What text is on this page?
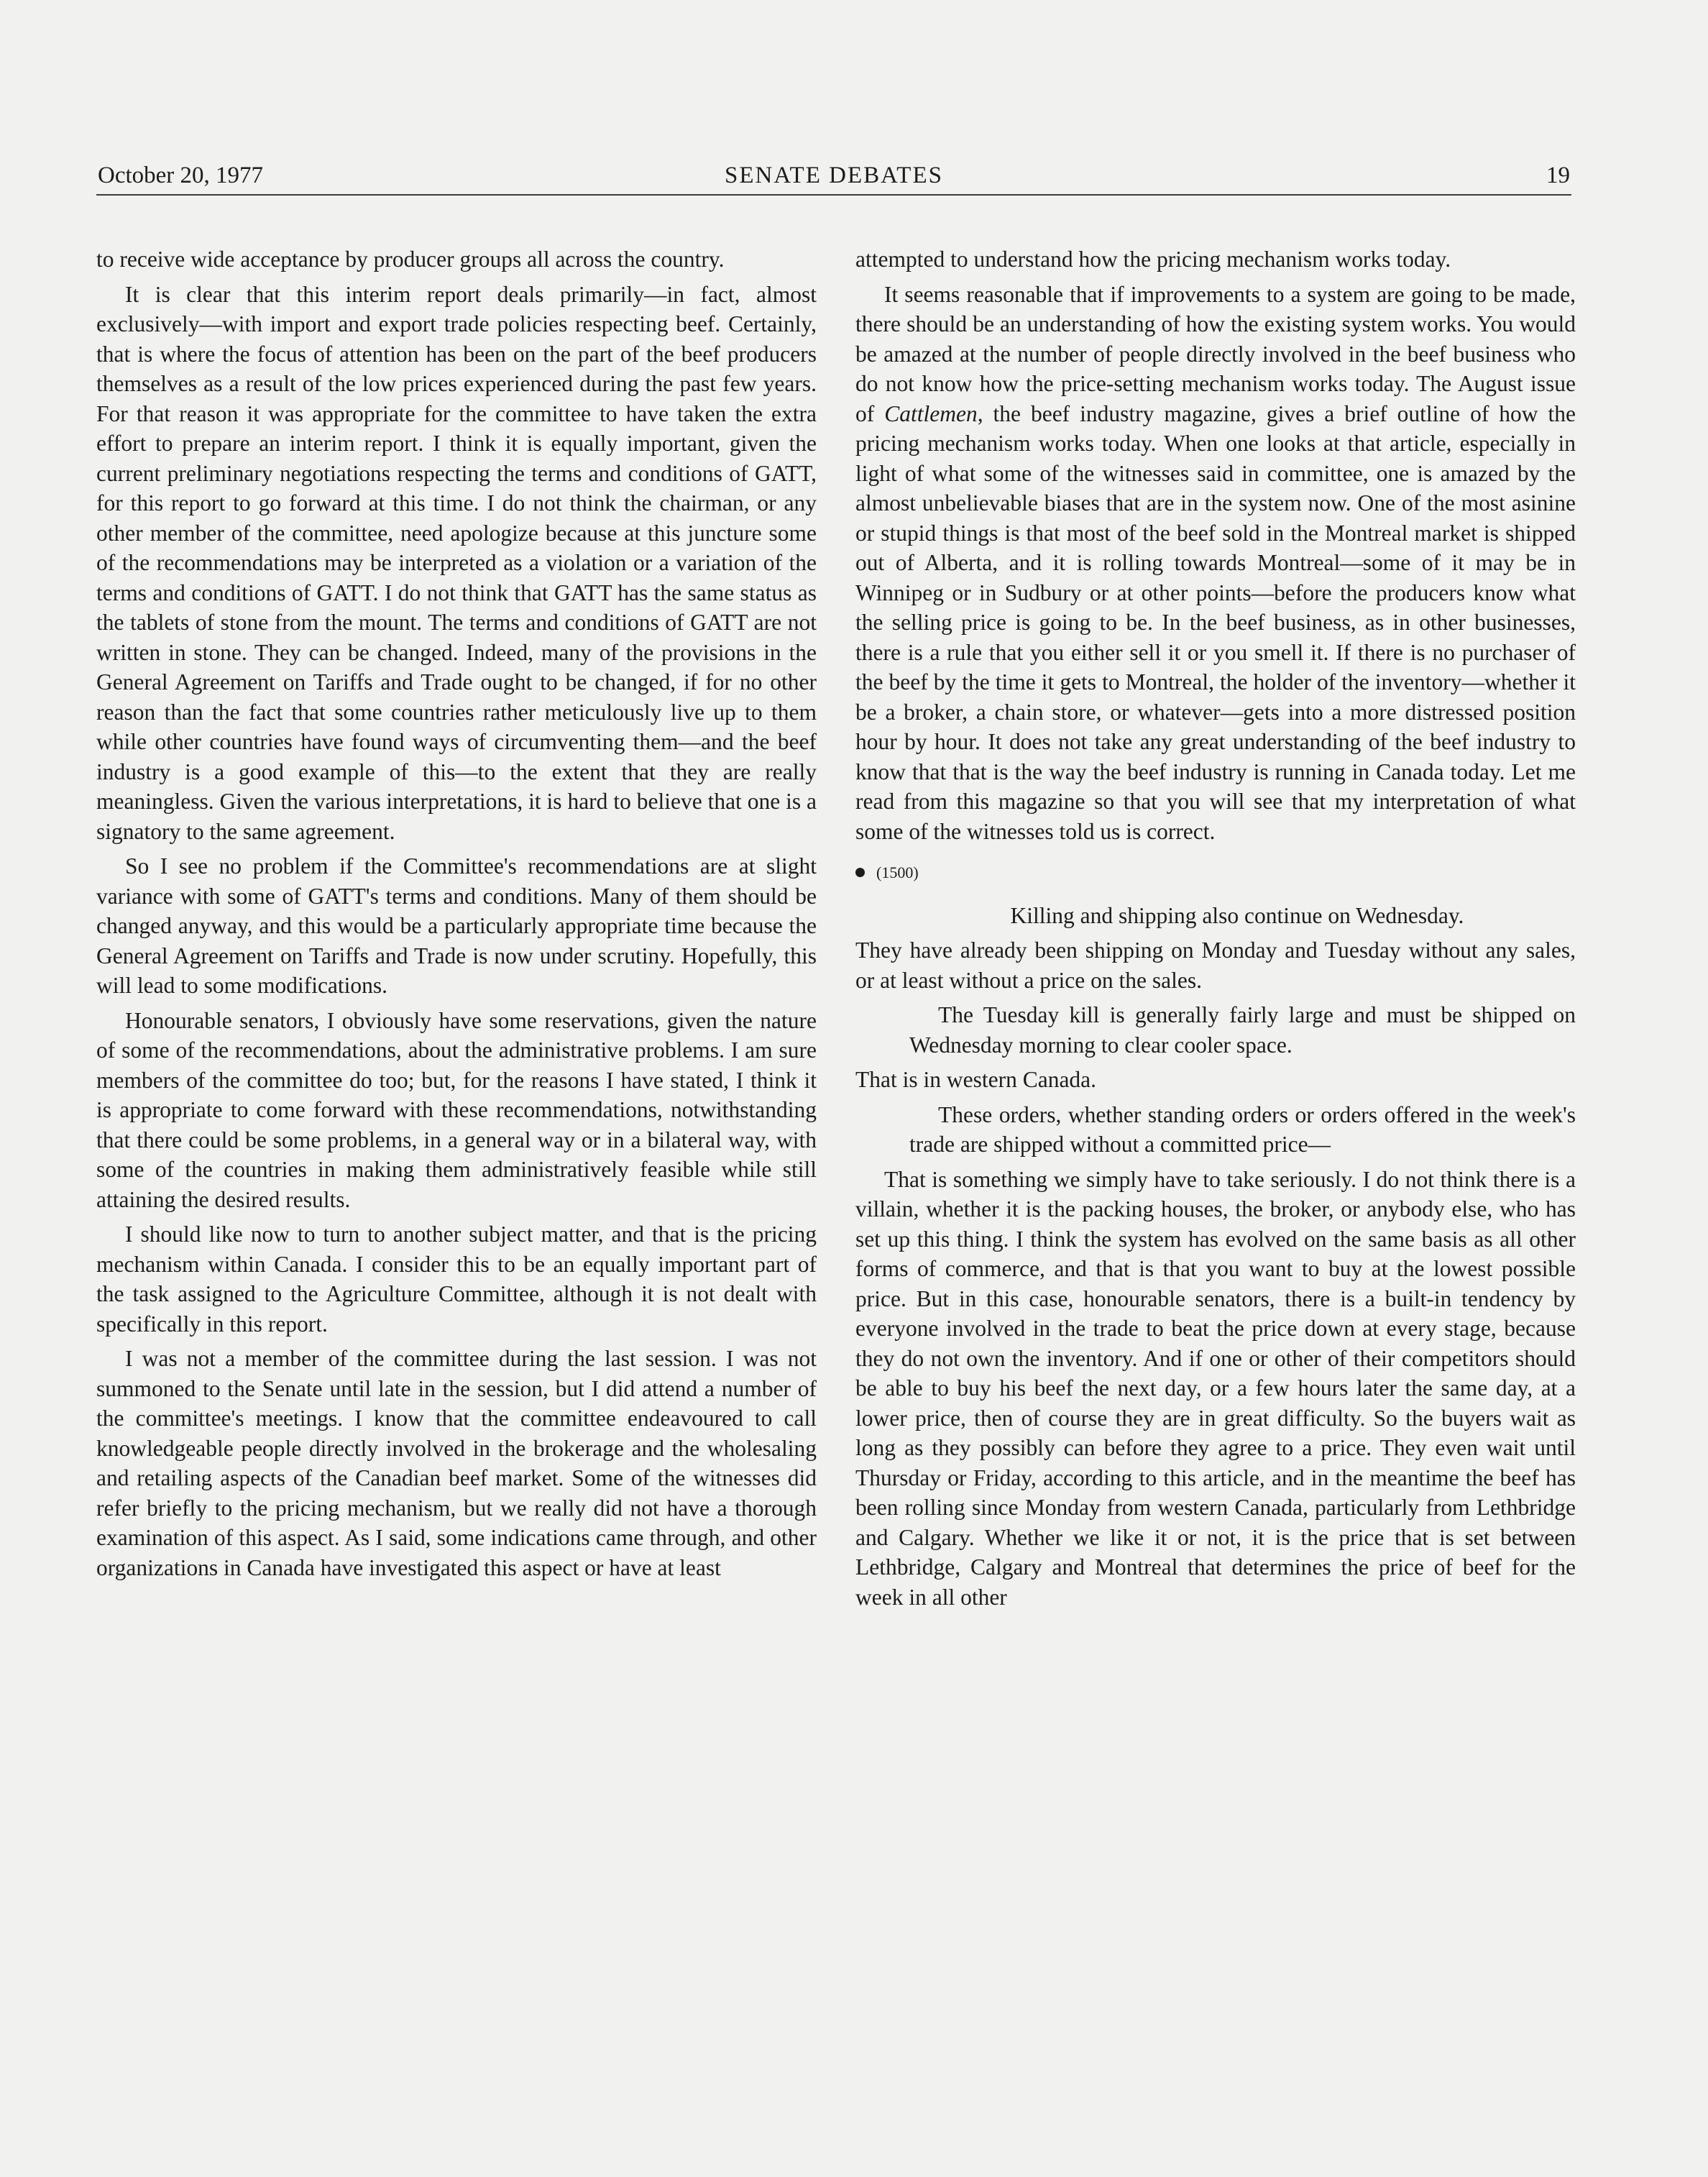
October 20, 1977	SENATE DEBATES	19

to receive wide acceptance by producer groups all across the country.

It is clear that this interim report deals primarily—in fact, almost exclusively—with import and export trade policies respecting beef. Certainly, that is where the focus of attention has been on the part of the beef producers themselves as a result of the low prices experienced during the past few years. For that reason it was appropriate for the committee to have taken the extra effort to prepare an interim report. I think it is equally important, given the current preliminary negotiations respecting the terms and conditions of GATT, for this report to go forward at this time. I do not think the chairman, or any other member of the committee, need apologize because at this juncture some of the recommendations may be interpreted as a violation or a variation of the terms and conditions of GATT. I do not think that GATT has the same status as the tablets of stone from the mount. The terms and conditions of GATT are not written in stone. They can be changed. Indeed, many of the provisions in the General Agreement on Tariffs and Trade ought to be changed, if for no other reason than the fact that some countries rather meticulously live up to them while other countries have found ways of circumventing them—and the beef industry is a good example of this—to the extent that they are really meaningless. Given the various interpretations, it is hard to believe that one is a signatory to the same agreement.

So I see no problem if the Committee's recommendations are at slight variance with some of GATT's terms and conditions. Many of them should be changed anyway, and this would be a particularly appropriate time because the General Agreement on Tariffs and Trade is now under scrutiny. Hopefully, this will lead to some modifications.

Honourable senators, I obviously have some reservations, given the nature of some of the recommendations, about the administrative problems. I am sure members of the committee do too; but, for the reasons I have stated, I think it is appropriate to come forward with these recommendations, notwithstanding that there could be some problems, in a general way or in a bilateral way, with some of the countries in making them administratively feasible while still attaining the desired results.

I should like now to turn to another subject matter, and that is the pricing mechanism within Canada. I consider this to be an equally important part of the task assigned to the Agriculture Committee, although it is not dealt with specifically in this report.

I was not a member of the committee during the last session. I was not summoned to the Senate until late in the session, but I did attend a number of the committee's meetings. I know that the committee endeavoured to call knowledgeable people directly involved in the brokerage and the wholesaling and retailing aspects of the Canadian beef market. Some of the witnesses did refer briefly to the pricing mechanism, but we really did not have a thorough examination of this aspect. As I said, some indications came through, and other organizations in Canada have investigated this aspect or have at least

attempted to understand how the pricing mechanism works today.

It seems reasonable that if improvements to a system are going to be made, there should be an understanding of how the existing system works. You would be amazed at the number of people directly involved in the beef business who do not know how the price-setting mechanism works today. The August issue of Cattlemen, the beef industry magazine, gives a brief outline of how the pricing mechanism works today. When one looks at that article, especially in light of what some of the witnesses said in committee, one is amazed by the almost unbelievable biases that are in the system now. One of the most asinine or stupid things is that most of the beef sold in the Montreal market is shipped out of Alberta, and it is rolling towards Montreal—some of it may be in Winnipeg or in Sudbury or at other points—before the producers know what the selling price is going to be. In the beef business, as in other businesses, there is a rule that you either sell it or you smell it. If there is no purchaser of the beef by the time it gets to Montreal, the holder of the inventory—whether it be a broker, a chain store, or whatever—gets into a more distressed position hour by hour. It does not take any great understanding of the beef industry to know that that is the way the beef industry is running in Canada today. Let me read from this magazine so that you will see that my interpretation of what some of the witnesses told us is correct.

(1500)

Killing and shipping also continue on Wednesday.

They have already been shipping on Monday and Tuesday without any sales, or at least without a price on the sales.

The Tuesday kill is generally fairly large and must be shipped on Wednesday morning to clear cooler space.

That is in western Canada.

These orders, whether standing orders or orders offered in the week's trade are shipped without a committed price—

That is something we simply have to take seriously. I do not think there is a villain, whether it is the packing houses, the broker, or anybody else, who has set up this thing. I think the system has evolved on the same basis as all other forms of commerce, and that is that you want to buy at the lowest possible price. But in this case, honourable senators, there is a built-in tendency by everyone involved in the trade to beat the price down at every stage, because they do not own the inventory. And if one or other of their competitors should be able to buy his beef the next day, or a few hours later the same day, at a lower price, then of course they are in great difficulty. So the buyers wait as long as they possibly can before they agree to a price. They even wait until Thursday or Friday, according to this article, and in the meantime the beef has been rolling since Monday from western Canada, particularly from Lethbridge and Calgary. Whether we like it or not, it is the price that is set between Lethbridge, Calgary and Montreal that determines the price of beef for the week in all other
